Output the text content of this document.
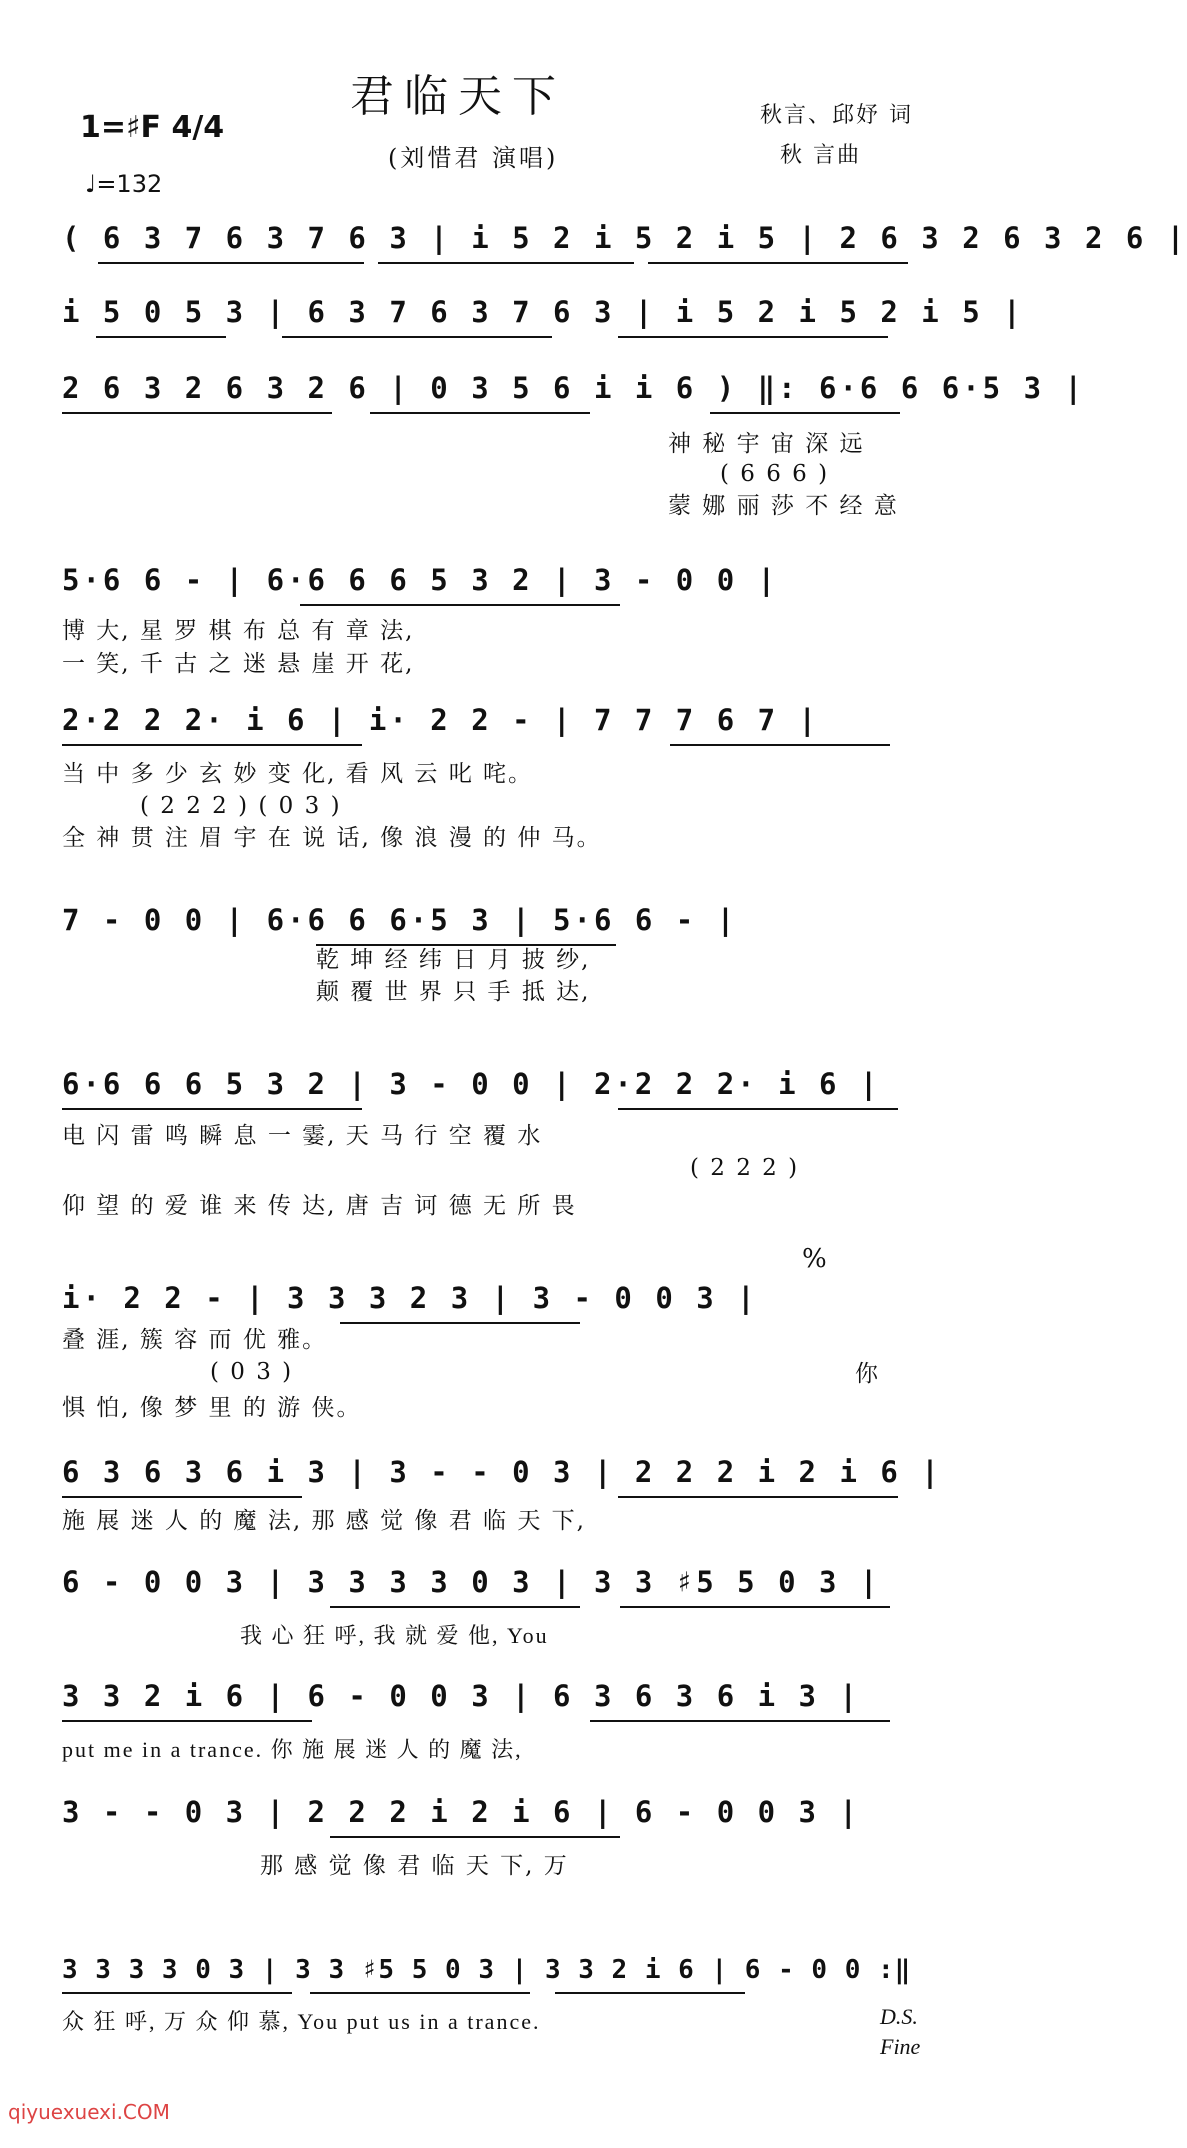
君临天下
(刘惜君 演唱)
秋言、邱妤 词
秋 言曲
1=♯F 4/4
♩=132
( 6 3 7 6 3 7 6 3 | i 5 2 i 5 2 i 5 | 2 6 3 2 6 3 2 6 |
i 5 0 5 3 | 6 3 7 6 3 7 6 3 | i 5 2 i 5 2 i 5 |
2 6 3 2 6 3 2 6 | 0 3 5 6 i i 6 ) ‖: 6·6 6 6·5 3 |
神 秘 宇 宙 深 远
( 6 6 6 )
蒙 娜 丽 莎 不 经 意
5·6 6 - | 6·6 6 6 5 3 2 | 3 - 0 0 |
博 大, 星 罗 棋 布 总 有 章 法,
一 笑, 千 古 之 迷 悬 崖 开 花,
2·2 2 2· i 6 | i· 2 2 - | 7 7 7 6 7 |
当 中 多 少 玄 妙 变 化, 看 风 云 叱 咤。
( 2 2 2 ) ( 0 3 )
全 神 贯 注 眉 宇 在 说 话, 像 浪 漫 的 仲 马。
7 - 0 0 | 6·6 6 6·5 3 | 5·6 6 - |
乾 坤 经 纬 日 月 披 纱,
颠 覆 世 界 只 手 抵 达,
6·6 6 6 5 3 2 | 3 - 0 0 | 2·2 2 2· i 6 |
电 闪 雷 鸣 瞬 息 一 霎, 天 马 行 空 覆 水
( 2 2 2 )
仰 望 的 爱 谁 来 传 达, 唐 吉 诃 德 无 所 畏
%
i· 2 2 - | 3 3 3 2 3 | 3 - 0 0 3 |
叠 涯, 簇 容 而 优 雅。
( 0 3 )
惧 怕, 像 梦 里 的 游 侠。
你
6 3 6 3 6 i 3 | 3 - - 0 3 | 2 2 2 i 2 i 6 |
施 展 迷 人 的 魔 法, 那 感 觉 像 君 临 天 下,
6 - 0 0 3 | 3 3 3 3 0 3 | 3 3 ♯5 5 0 3 |
我 心 狂 呼, 我 就 爱 他, You
3 3 2 i 6 | 6 - 0 0 3 | 6 3 6 3 6 i 3 |
put me in a trance. 你 施 展 迷 人 的 魔 法,
3 - - 0 3 | 2 2 2 i 2 i 6 | 6 - 0 0 3 |
那 感 觉 像 君 临 天 下, 万
3 3 3 3 0 3 | 3 3 ♯5 5 0 3 | 3 3 2 i 6 | 6 - 0 0 :‖
众 狂 呼, 万 众 仰 慕, You put us in a trance.	D.S.
Fine
qiyuexuexi.COM
